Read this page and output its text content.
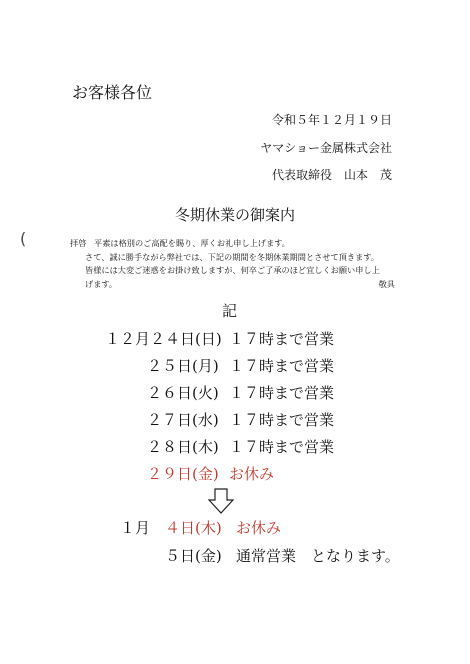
お客様各位
令和５年１２月１９日
ヤマショー金属株式会社
代表取締役　山本　茂
冬期休業の御案内
(	拝啓 平素は格別のご高配を賜り、厚くお礼申し上げます。

さて、誠に勝手ながら弊社では、下記の期間を冬期休業期間とさせて頂きます。

皆様には大変ご迷惑をお掛け致しますが、何卒ご了承のほど宜しくお願い申し上

げます。	敬具

記
１２月２４日(日) １７時まで営業
２５日(月) １７時まで営業
２６日(火) １７時まで営業
２７日(水) １７時まで営業
２８日(木) １７時まで営業
２９日(金) お休み
１月 ４日(木) お休み
５日(金) 通常営業　となります。
